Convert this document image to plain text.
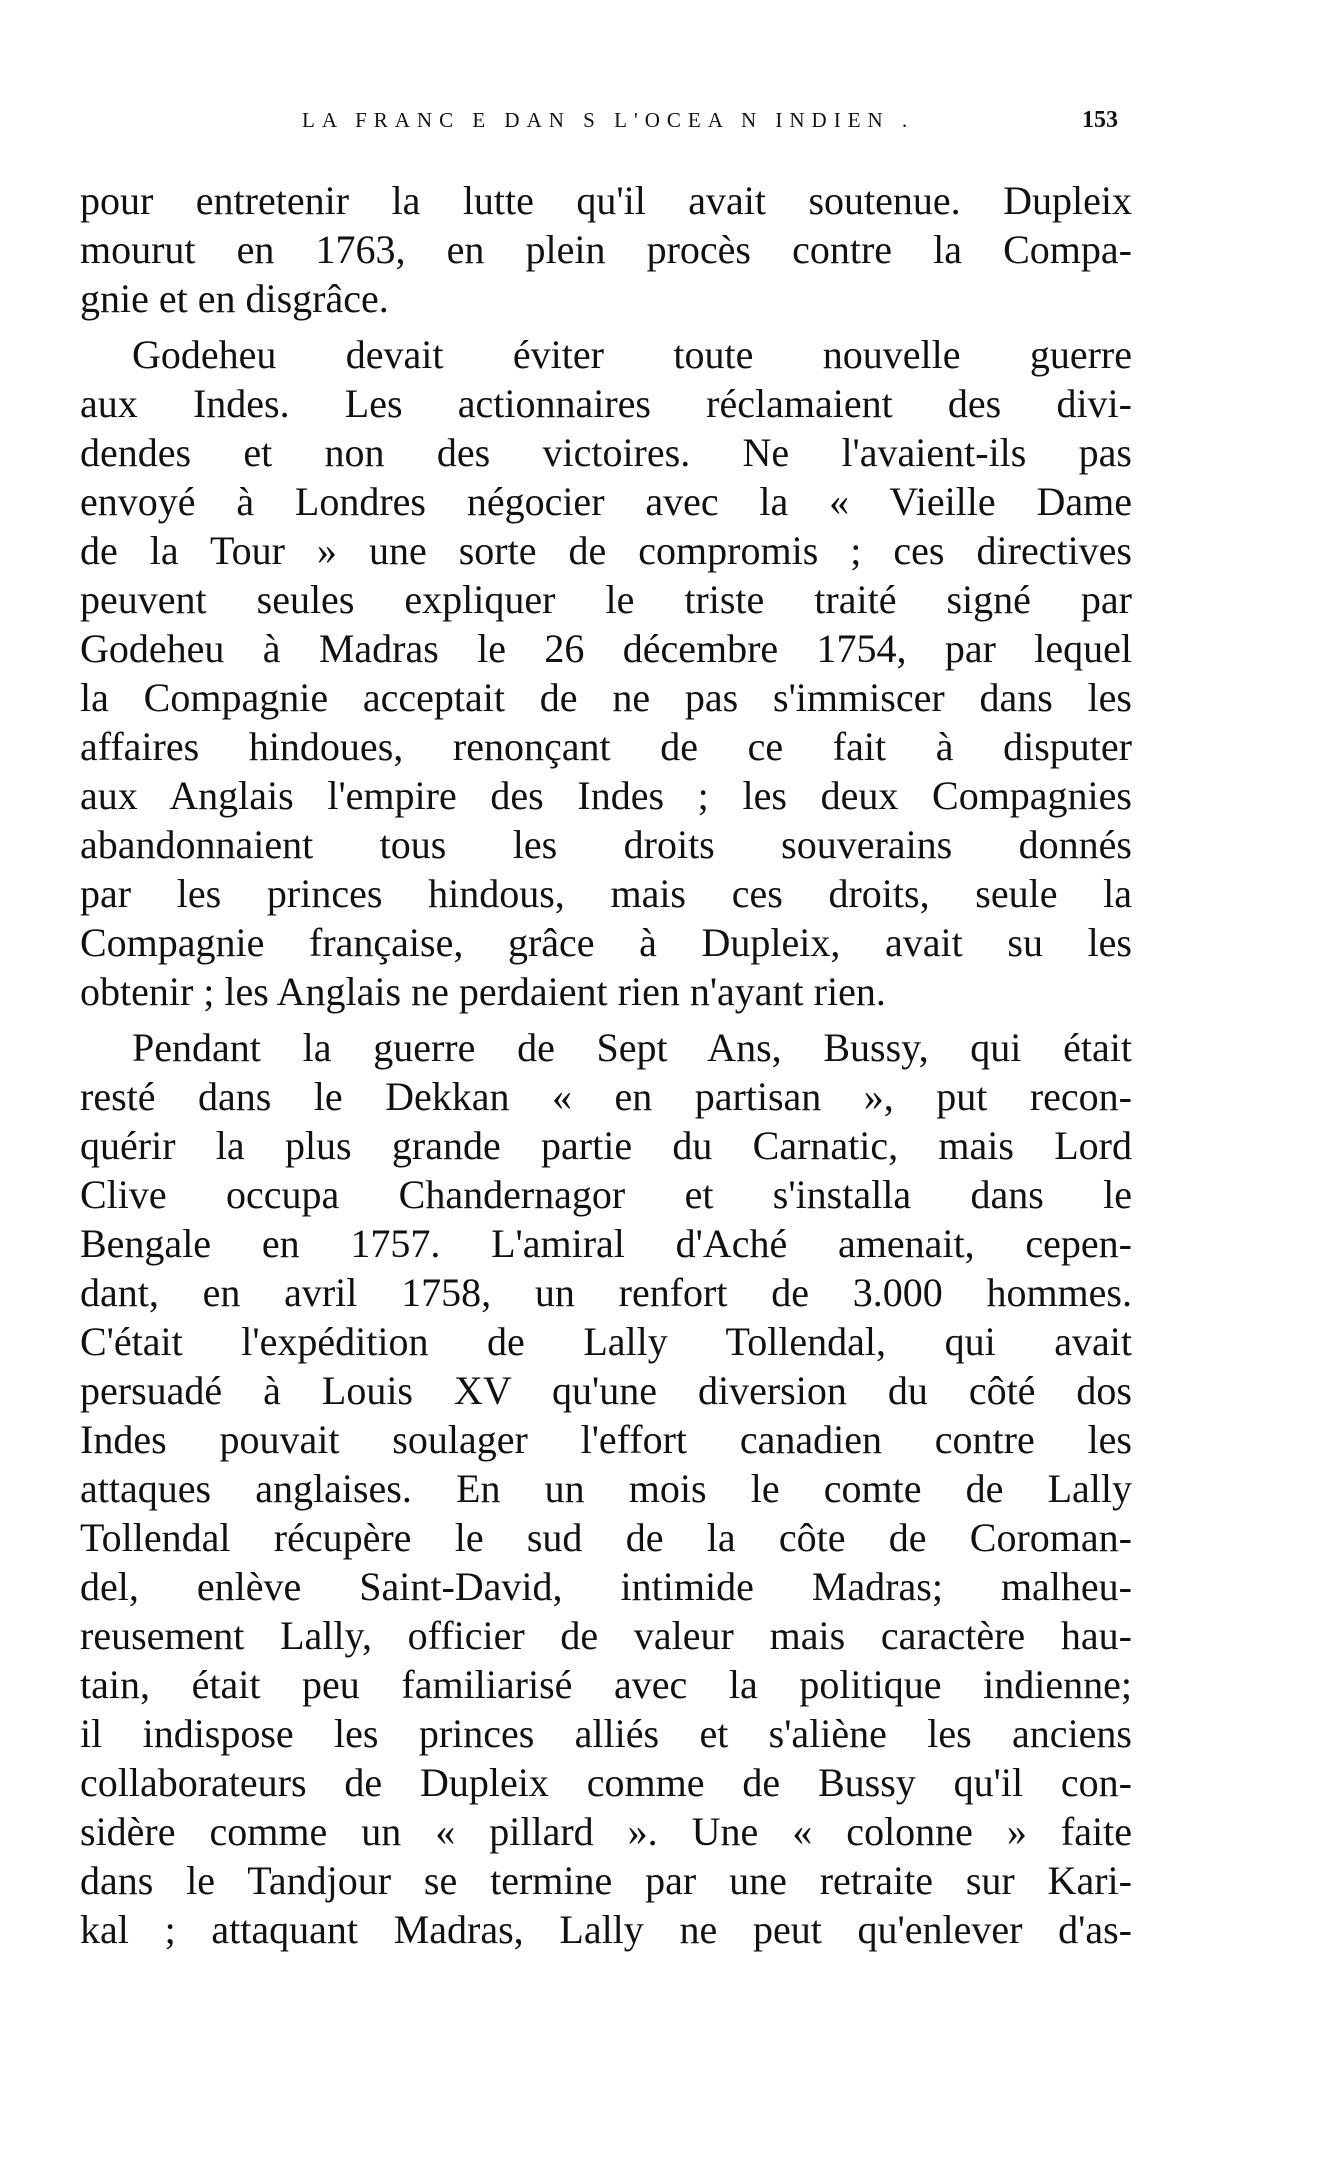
LA FRANC E DAN S L'OCEA N INDIEN .	153
pour entretenir la lutte qu'il avait soutenue. Dupleix
mourut en 1763, en plein procès contre la Compa-
gnie et en disgrâce.
Godeheu devait éviter toute nouvelle guerre
aux Indes. Les actionnaires réclamaient des divi-
dendes et non des victoires. Ne l'avaient-ils pas
envoyé à Londres négocier avec la « Vieille Dame
de la Tour » une sorte de compromis ; ces directives
peuvent seules expliquer le triste traité signé par
Godeheu à Madras le 26 décembre 1754, par lequel
la Compagnie acceptait de ne pas s'immiscer dans les
affaires hindoues, renonçant de ce fait à disputer
aux Anglais l'empire des Indes ; les deux Compagnies
abandonnaient tous les droits souverains donnés
par les princes hindous, mais ces droits, seule la
Compagnie française, grâce à Dupleix, avait su les
obtenir ; les Anglais ne perdaient rien n'ayant rien.
Pendant la guerre de Sept Ans, Bussy, qui était
resté dans le Dekkan « en partisan », put recon-
quérir la plus grande partie du Carnatic, mais Lord
Clive occupa Chandernagor et s'installa dans le
Bengale en 1757. L'amiral d'Aché amenait, cepen-
dant, en avril 1758, un renfort de 3.000 hommes.
C'était l'expédition de Lally Tollendal, qui avait
persuadé à Louis XV qu'une diversion du côté dos
Indes pouvait soulager l'effort canadien contre les
attaques anglaises. En un mois le comte de Lally
Tollendal récupère le sud de la côte de Coroman-
del, enlève Saint-David, intimide Madras; malheu-
reusement Lally, officier de valeur mais caractère hau-
tain, était peu familiarisé avec la politique indienne;
il indispose les princes alliés et s'aliène les anciens
collaborateurs de Dupleix comme de Bussy qu'il con-
sidère comme un « pillard ». Une « colonne » faite
dans le Tandjour se termine par une retraite sur Kari-
kal ; attaquant Madras, Lally ne peut qu'enlever d'as-
